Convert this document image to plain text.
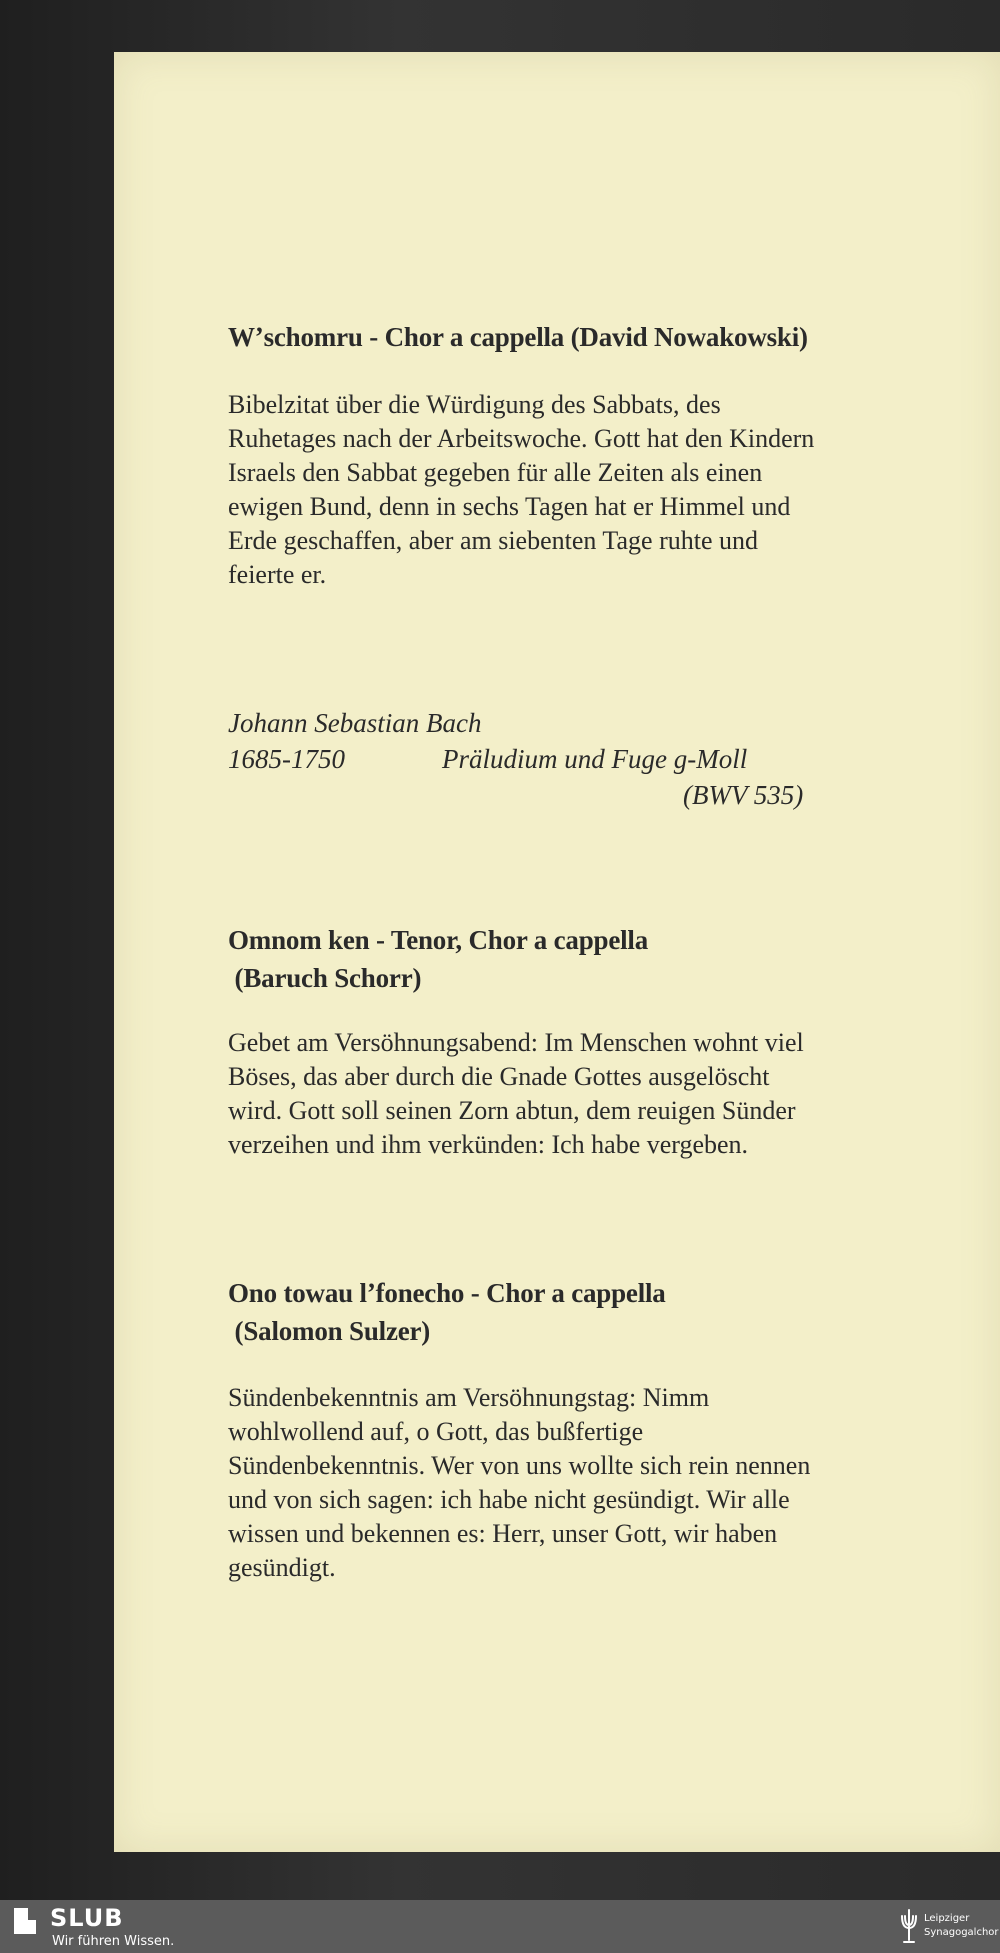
Wʼschomru - Chor a cappella (David Nowakowski)
Bibelzitat über die Würdigung des Sabbats, des
Ruhetages nach der Arbeitswoche. Gott hat den Kindern
Israels den Sabbat gegeben für alle Zeiten als einen
ewigen Bund, denn in sechs Tagen hat er Himmel und
Erde geschaffen, aber am siebenten Tage ruhte und
feierte er.
Johann Sebastian Bach
1685-1750	Präludium und Fuge g-Moll
(BWV 535)
Omnom ken - Tenor, Chor a cappella
(Baruch Schorr)
Gebet am Versöhnungsabend: Im Menschen wohnt viel
Böses, das aber durch die Gnade Gottes ausgelöscht
wird. Gott soll seinen Zorn abtun, dem reuigen Sünder
verzeihen und ihm verkünden: Ich habe vergeben.
Ono towau lʼfonecho - Chor a cappella
(Salomon Sulzer)
Sündenbekenntnis am Versöhnungstag: Nimm
wohlwollend auf, o Gott, das bußfertige
Sündenbekenntnis. Wer von uns wollte sich rein nennen
und von sich sagen: ich habe nicht gesündigt. Wir alle
wissen und bekennen es: Herr, unser Gott, wir haben
gesündigt.
SLUB
Wir führen Wissen.
Leipziger
Synagogalchor
